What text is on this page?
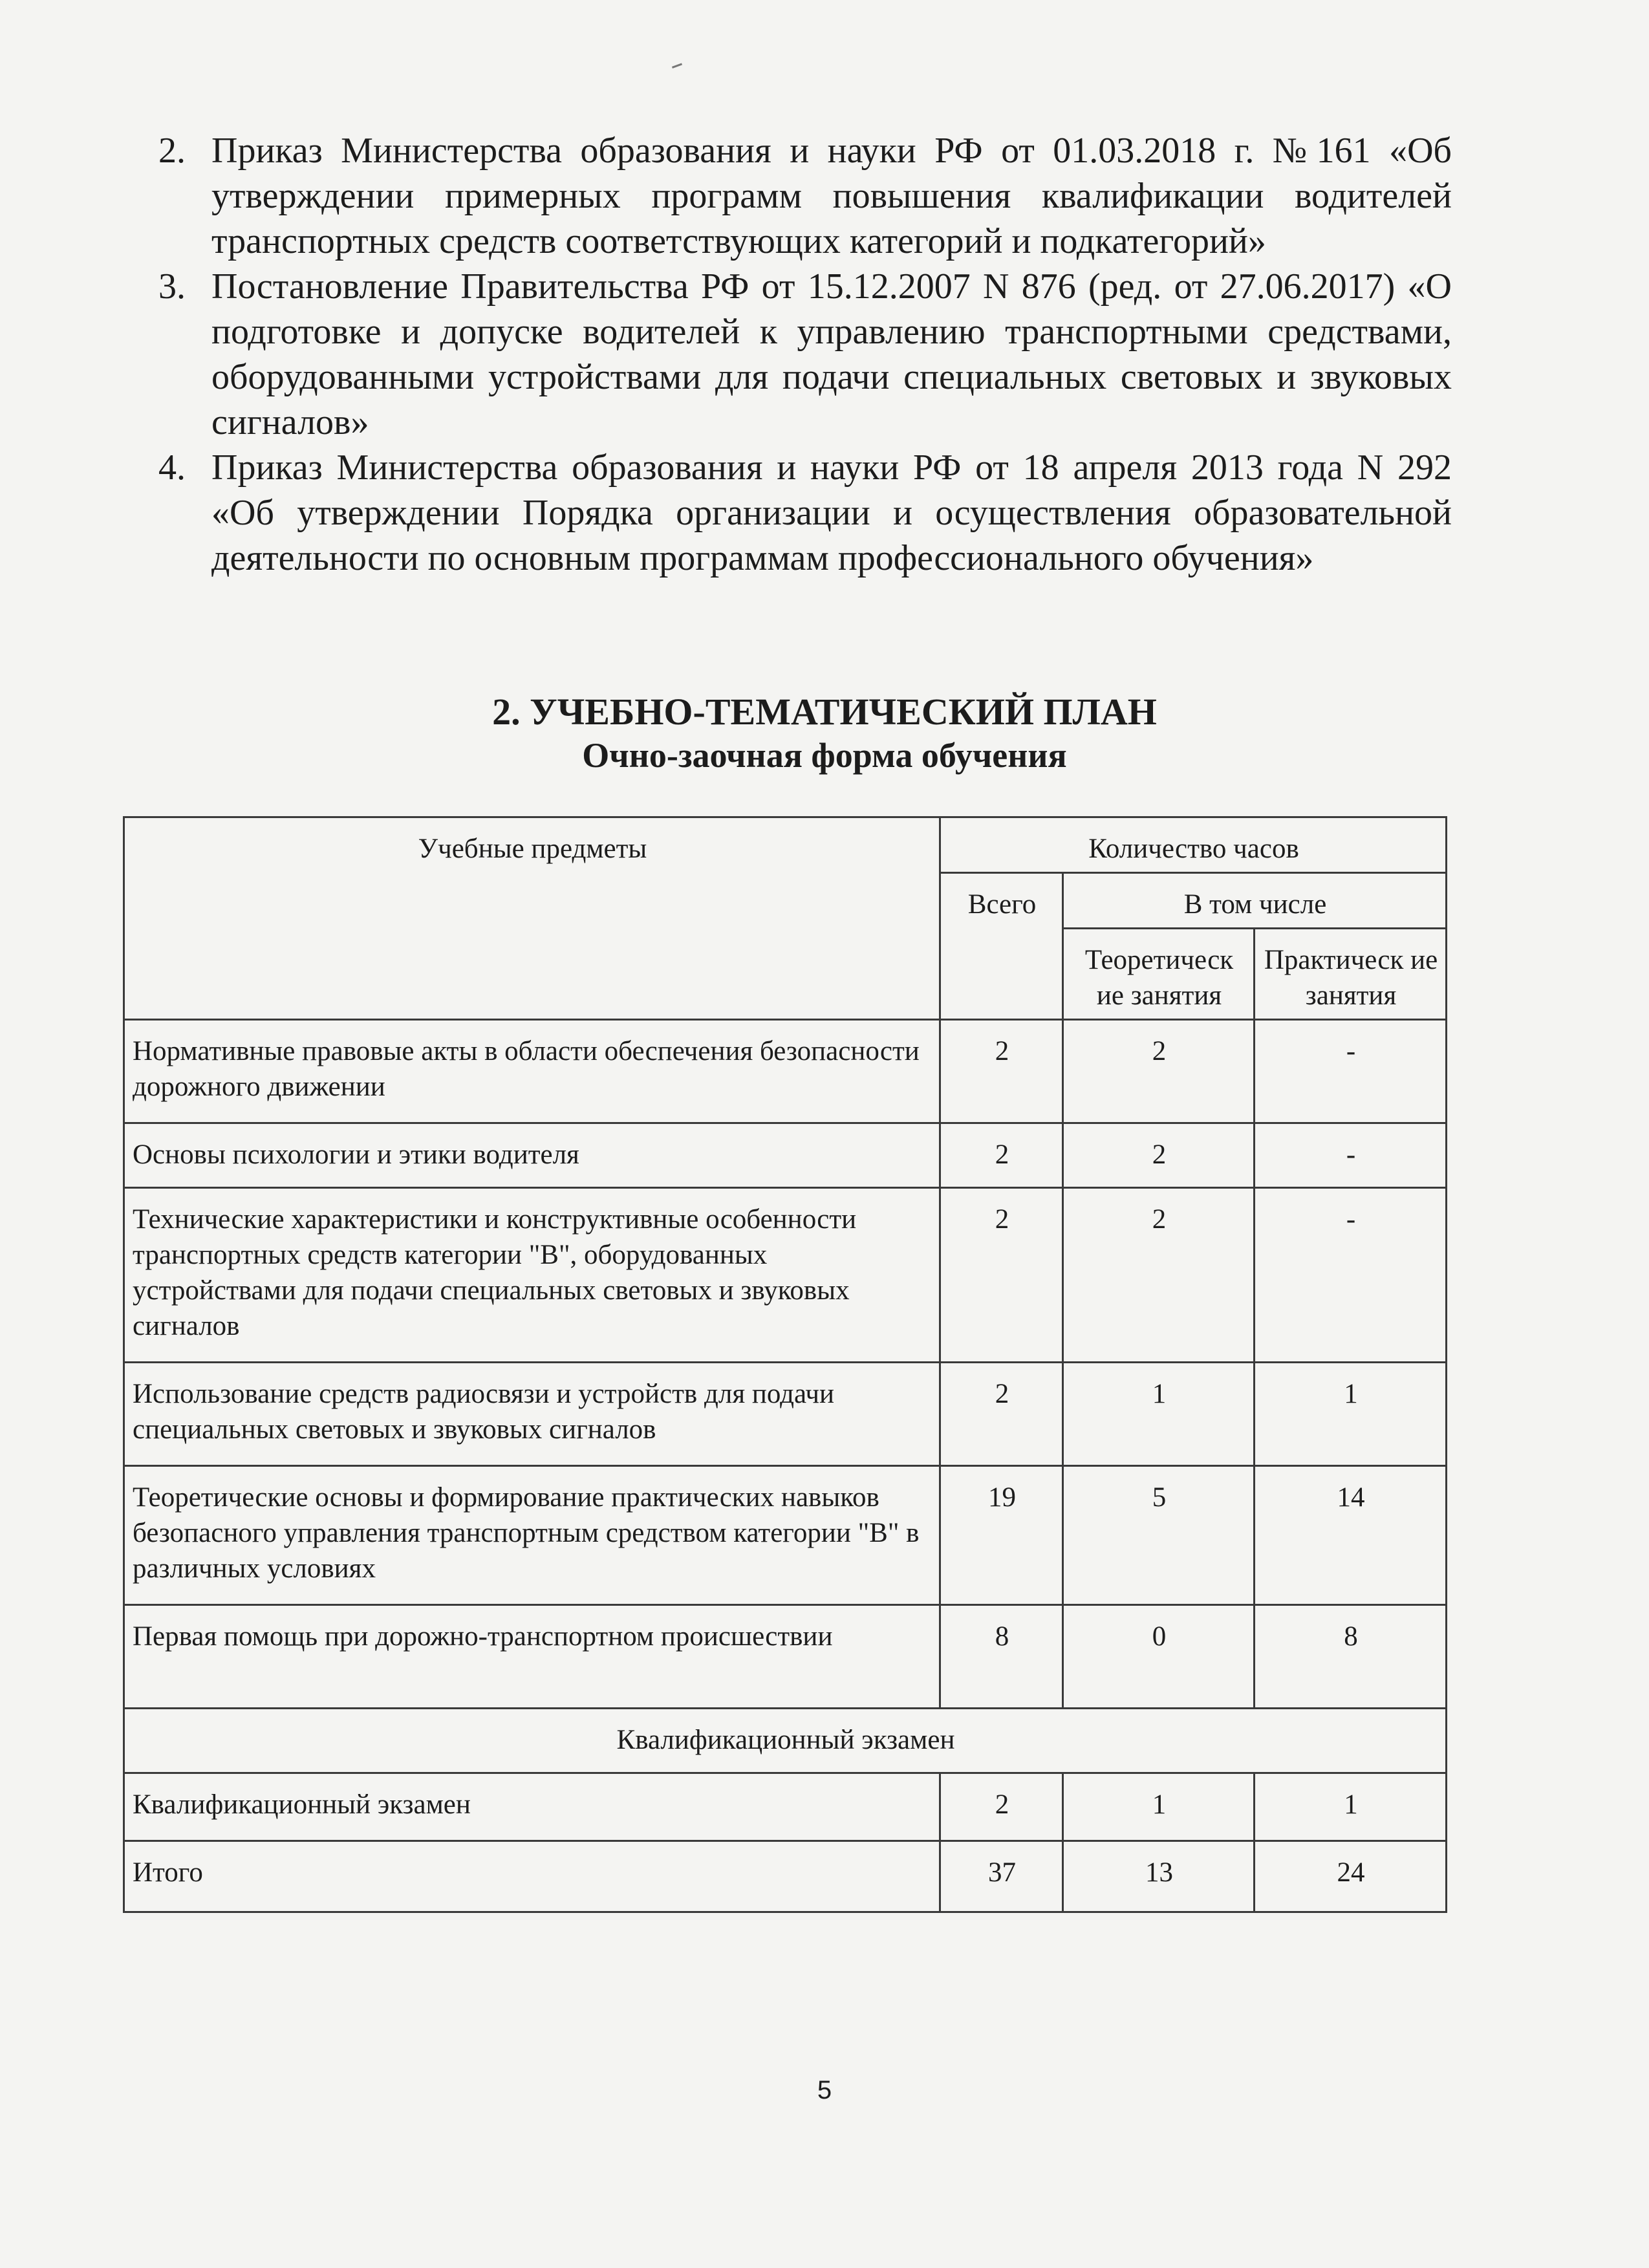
2. Приказ Министерства образования и науки РФ от 01.03.2018 г. №161 «Об утверждении примерных программ повышения квалификации водителей транспортных средств соответствующих категорий и подкатегорий»
3. Постановление Правительства РФ от 15.12.2007 N 876 (ред. от 27.06.2017) «О подготовке и допуске водителей к управлению транспортными средствами, оборудованными устройствами для подачи специальных световых и звуковых сигналов»
4. Приказ Министерства образования и науки РФ от 18 апреля 2013 года N 292 «Об утверждении Порядка организации и осуществления образовательной деятельности по основным программам профессионального обучения»
2. УЧЕБНО-ТЕМАТИЧЕСКИЙ ПЛАН
Очно-заочная форма обучения
Учебные предметы	Количество часов		
	Всего	В том числе	
		Теоретическ ие занятия	Практическ ие занятия
Нормативные правовые акты в области обеспечения безопасности дорожного движении	2	2	-
Основы психологии и этики водителя	2	2	-
Технические характеристики и конструктивные особенности транспортных средств категории "В", оборудованных устройствами для подачи специальных световых и звуковых сигналов	2	2	-
Использование средств радиосвязи и устройств для подачи специальных световых и звуковых сигналов	2	1	1
Теоретические основы и формирование практических навыков безопасного управления транспортным средством категории "В" в различных условиях	19	5	14
Первая помощь при дорожно-транспортном происшествии	8	0	8
Квалификационный экзамен			
Квалификационный экзамен	2	1	1
Итого	37	13	24
5
